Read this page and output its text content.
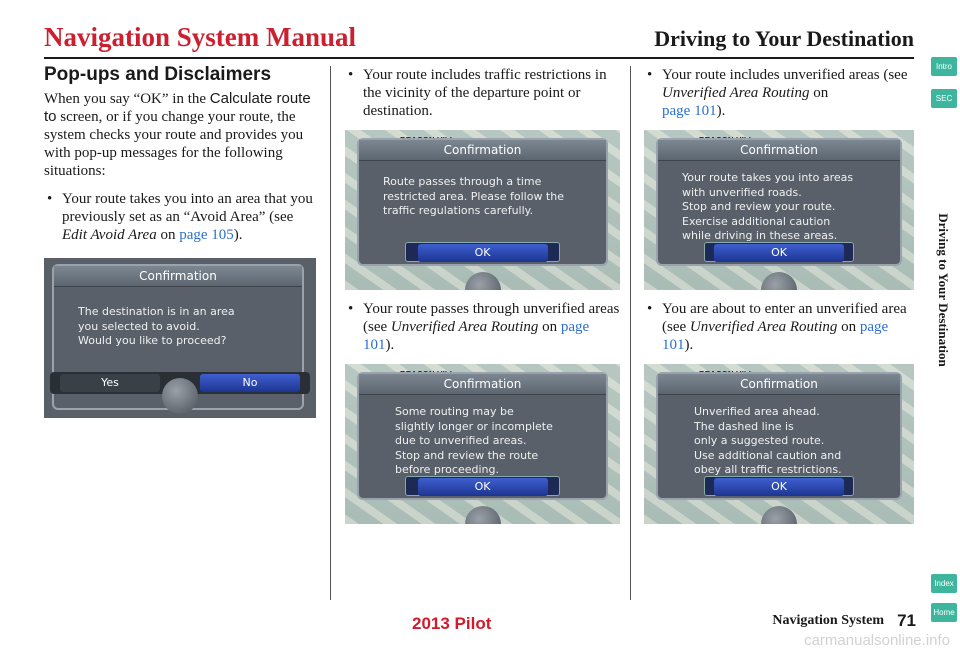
Navigation System Manual	Driving to Your Destination
Pop-ups and Disclaimers

When you say “OK” in the Calculate route to screen, or if you change your route, the system checks your route and provides you with pop-up messages for the following situations:

• Your route takes you into an area that you previously set as an “Avoid Area” (see Edit Avoid Area on page 105).
Confirmation
The destination is in an area
you selected to avoid.
Would you like to proceed?
Yes	No
• Your route includes traffic restrictions in the vicinity of the departure point or destination.
Confirmation
Route passes through a time
restricted area. Please follow the
traffic regulations carefully.
OK
• Your route passes through unverified areas (see Unverified Area Routing on page 101).
Confirmation
Some routing may be
slightly longer or incomplete
due to unverified areas.
Stop and review the route
before proceeding.
OK
• Your route includes unverified areas (see Unverified Area Routing on
page 101).
Confirmation
Your route takes you into areas
with unverified roads.
Stop and review your route.
Exercise additional caution
while driving in these areas.
OK
• You are about to enter an unverified area (see Unverified Area Routing on page 101).
Confirmation
Unverified area ahead.
The dashed line is
only a suggested route.
Use additional caution and
obey all traffic restrictions.
OK
Intro
SEC
Driving to Your Destination
Index
Home
2013 Pilot	Navigation System 71
carmanualsonline.info
